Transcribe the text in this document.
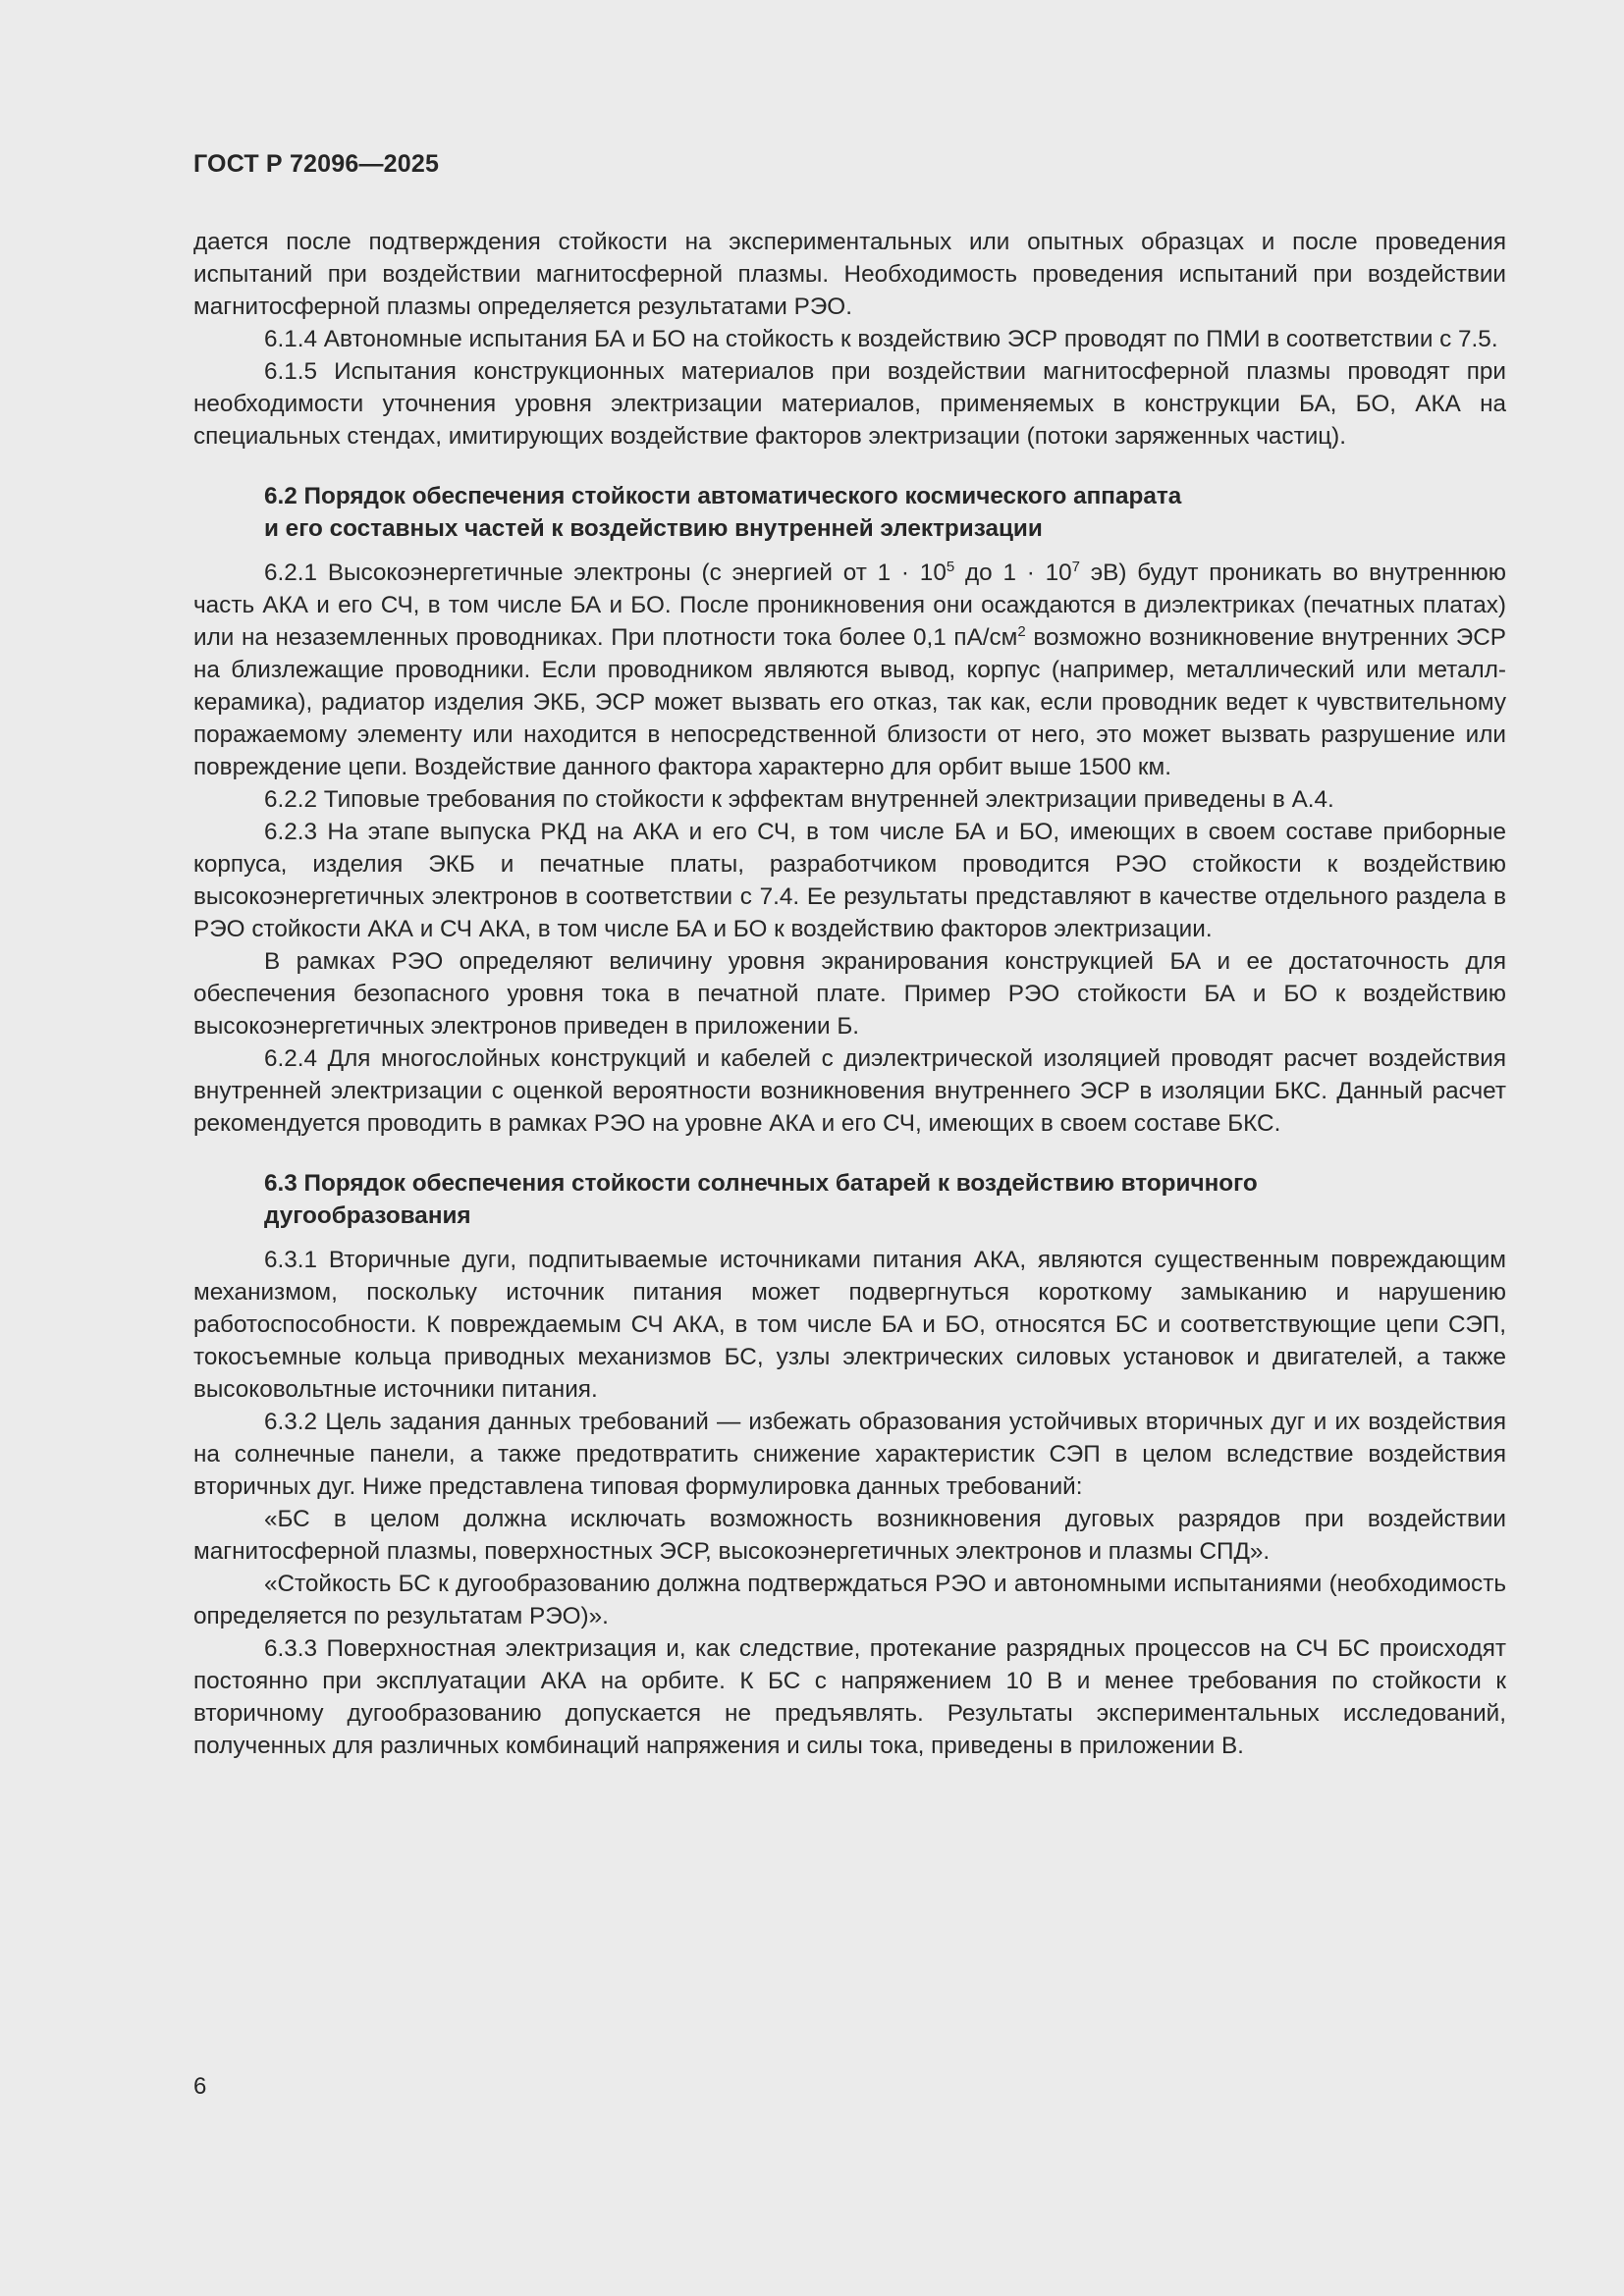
ГОСТ Р 72096—2025

дается после подтверждения стойкости на экспериментальных или опытных образцах и после проведения испытаний при воздействии магнитосферной плазмы. Необходимость проведения испытаний при воздействии магнитосферной плазмы определяется результатами РЭО.

6.1.4 Автономные испытания БА и БО на стойкость к воздействию ЭСР проводят по ПМИ в соответствии с 7.5.

6.1.5 Испытания конструкционных материалов при воздействии магнитосферной плазмы проводят при необходимости уточнения уровня электризации материалов, применяемых в конструкции БА, БО, АКА на специальных стендах, имитирующих воздействие факторов электризации (потоки заряженных частиц).

6.2 Порядок обеспечения стойкости автоматического космического аппарата
и его составных частей к воздействию внутренней электризации

6.2.1 Высокоэнергетичные электроны (с энергией от $1 \cdot 10^5$ до $1 \cdot 10^7$ эВ) будут проникать во внутреннюю часть АКА и его СЧ, в том числе БА и БО. После проникновения они осаждаются в диэлектриках (печатных платах) или на незаземленных проводниках. При плотности тока более 0,1 $пА/см^2$ возможно возникновение внутренних ЭСР на близлежащие проводники. Если проводником являются вывод, корпус (например, металлический или металл-керамика), радиатор изделия ЭКБ, ЭСР может вызвать его отказ, так как, если проводник ведет к чувствительному поражаемому элементу или находится в непосредственной близости от него, это может вызвать разрушение или повреждение цепи. Воздействие данного фактора характерно для орбит выше 1500 км.

6.2.2 Типовые требования по стойкости к эффектам внутренней электризации приведены в А.4.

6.2.3 На этапе выпуска РКД на АКА и его СЧ, в том числе БА и БО, имеющих в своем составе приборные корпуса, изделия ЭКБ и печатные платы, разработчиком проводится РЭО стойкости к воздействию высокоэнергетичных электронов в соответствии с 7.4. Ее результаты представляют в качестве отдельного раздела в РЭО стойкости АКА и СЧ АКА, в том числе БА и БО к воздействию факторов электризации.

В рамках РЭО определяют величину уровня экранирования конструкцией БА и ее достаточность для обеспечения безопасного уровня тока в печатной плате. Пример РЭО стойкости БА и БО к воздействию высокоэнергетичных электронов приведен в приложении Б.

6.2.4 Для многослойных конструкций и кабелей с диэлектрической изоляцией проводят расчет воздействия внутренней электризации с оценкой вероятности возникновения внутреннего ЭСР в изоляции БКС. Данный расчет рекомендуется проводить в рамках РЭО на уровне АКА и его СЧ, имеющих в своем составе БКС.

6.3 Порядок обеспечения стойкости солнечных батарей к воздействию вторичного
дугообразования

6.3.1 Вторичные дуги, подпитываемые источниками питания АКА, являются существенным повреждающим механизмом, поскольку источник питания может подвергнуться короткому замыканию и нарушению работоспособности. К повреждаемым СЧ АКА, в том числе БА и БО, относятся БС и соответствующие цепи СЭП, токосъемные кольца приводных механизмов БС, узлы электрических силовых установок и двигателей, а также высоковольтные источники питания.

6.3.2 Цель задания данных требований — избежать образования устойчивых вторичных дуг и их воздействия на солнечные панели, а также предотвратить снижение характеристик СЭП в целом вследствие воздействия вторичных дуг. Ниже представлена типовая формулировка данных требований:

«БС в целом должна исключать возможность возникновения дуговых разрядов при воздействии магнитосферной плазмы, поверхностных ЭСР, высокоэнергетичных электронов и плазмы СПД».

«Стойкость БС к дугообразованию должна подтверждаться РЭО и автономными испытаниями (необходимость определяется по результатам РЭО)».

6.3.3 Поверхностная электризация и, как следствие, протекание разрядных процессов на СЧ БС происходят постоянно при эксплуатации АКА на орбите. К БС с напряжением 10 В и менее требования по стойкости к вторичному дугообразованию допускается не предъявлять. Результаты экспериментальных исследований, полученных для различных комбинаций напряжения и силы тока, приведены в приложении В.

6
